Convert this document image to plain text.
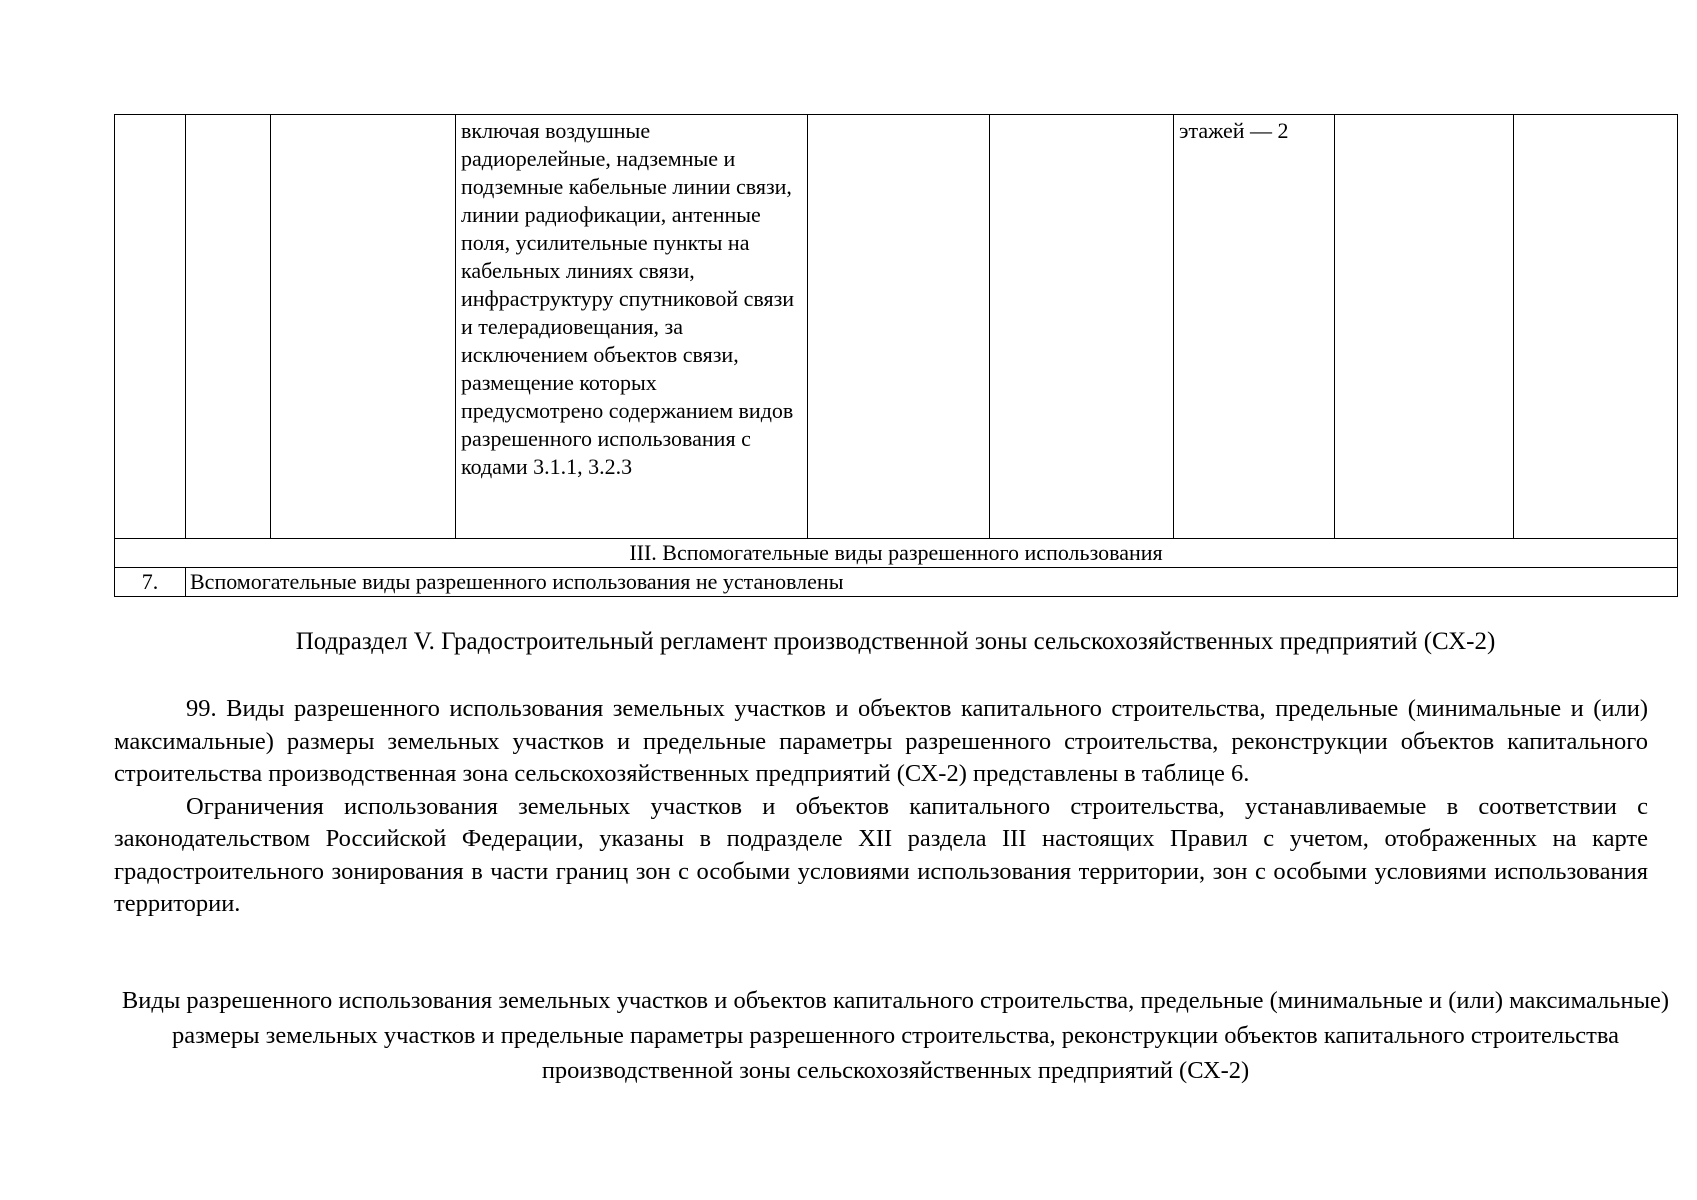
			включая воздушные радиорелейные, надземные и подземные кабельные линии связи, линии радиофикации, антенные поля, усилительные пункты на кабельных линиях связи, инфраструктуру спутниковой связи и телерадиовещания, за исключением объектов связи, размещение которых предусмотрено содержанием видов разрешенного использования с кодами 3.1.1, 3.2.3			этажей — 2		
III. Вспомогательные виды разрешенного использования								
7.	Вспомогательные виды разрешенного использования не установлены							
Подраздел V. Градостроительный регламент производственной зоны сельскохозяйственных предприятий (СХ-2)

99. Виды разрешенного использования земельных участков и объектов капитального строительства, предельные (минимальные и (или) максимальные) размеры земельных участков и предельные параметры разрешенного строительства, реконструкции объектов капитального строительства производственная зона сельскохозяйственных предприятий (СХ-2) представлены в таблице 6.

Ограничения использования земельных участков и объектов капитального строительства, устанавливаемые в соответствии с законодательством Российской Федерации, указаны в подразделе XII раздела III настоящих Правил с учетом, отображенных на карте градостроительного зонирования в части границ зон с особыми условиями использования территории, зон с особыми условиями использования территории.

Виды разрешенного использования земельных участков и объектов капитального строительства, предельные (минимальные и (или) максимальные) размеры земельных участков и предельные параметры разрешенного строительства, реконструкции объектов капитального строительства производственной зоны сельскохозяйственных предприятий (СХ-2)
